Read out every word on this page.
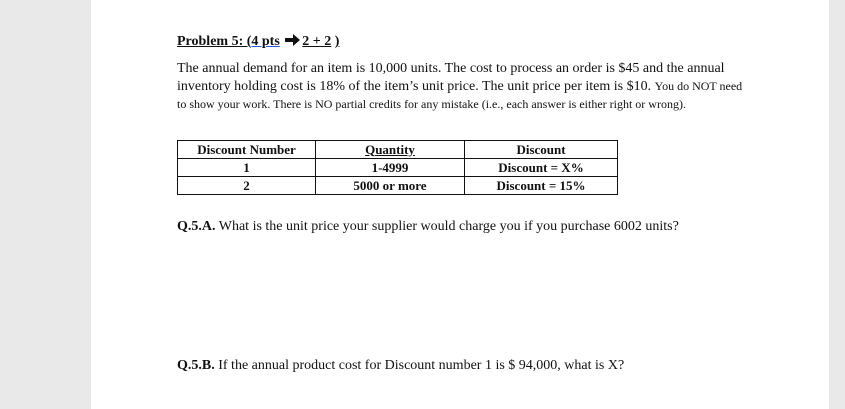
Problem 5: (4 pts 2 + 2 )
The annual demand for an item is 10,000 units. The cost to process an order is $45 and the annual inventory holding cost is 18% of the item’s unit price. The unit price per item is $10. You do NOT need to show your work. There is NO partial credits for any mistake (i.e., each answer is either right or wrong).
Discount Number	Quantity	Discount
1	1-4999	Discount = X%
2	5000 or more	Discount = 15%
Q.5.A. What is the unit price your supplier would charge you if you purchase 6002 units?
Q.5.B. If the annual product cost for Discount number 1 is $ 94,000, what is X?
